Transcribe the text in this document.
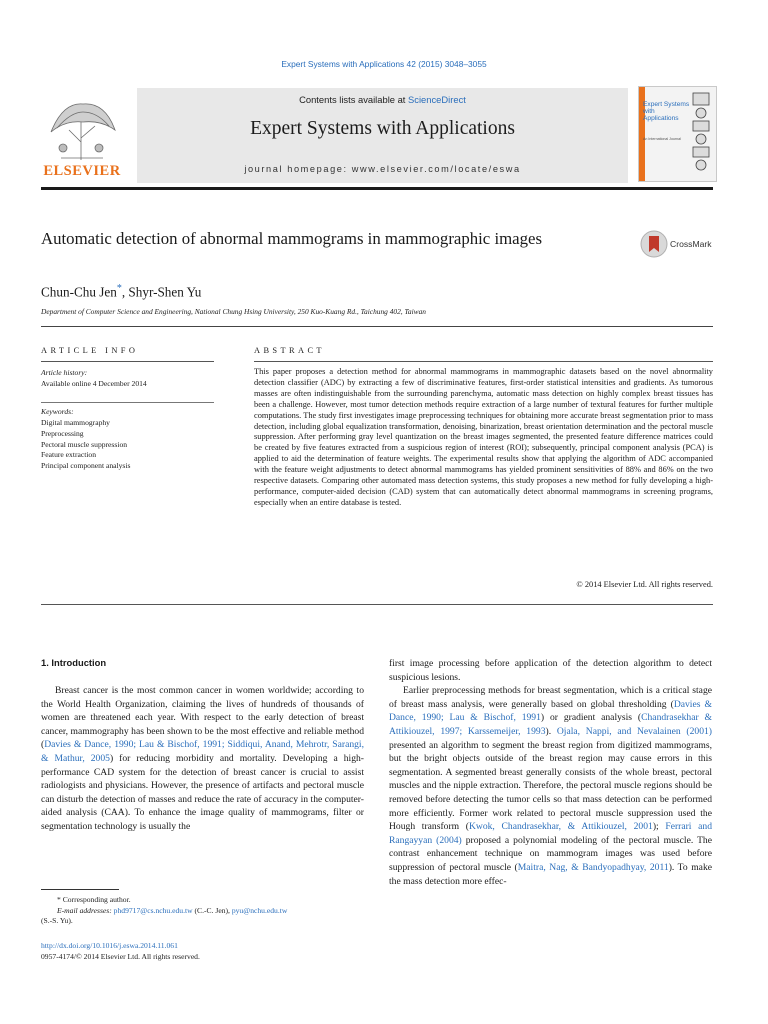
Expert Systems with Applications 42 (2015) 3048–3055
ELSEVIER
Contents lists available at ScienceDirect
Expert Systems with Applications
journal homepage: www.elsevier.com/locate/eswa
Expert Systems with Applications
An International Journal
Automatic detection of abnormal mammograms in mammographic images	CrossMark
Chun-Chu Jen*, Shyr-Shen Yu
Department of Computer Science and Engineering, National Chung Hsing University, 250 Kuo-Kuang Rd., Taichung 402, Taiwan
ARTICLE INFO
Article history:
Available online 4 December 2014
Keywords:
Digital mammography
Preprocessing
Pectoral muscle suppression
Feature extraction
Principal component analysis
ABSTRACT
This paper proposes a detection method for abnormal mammograms in mammographic datasets based on the novel abnormality detection classifier (ADC) by extracting a few of discriminative features, first-order statistical intensities and gradients. As tumorous masses are often indistinguishable from the surrounding parenchyma, automatic mass detection on highly complex breast tissues has been a challenge. However, most tumor detection methods require extraction of a large number of textural features for further multiple computations. The study first investigates image preprocessing techniques for obtaining more accurate breast segmentation prior to mass detection, including global equalization transformation, denoising, binarization, breast orientation determination and the pectoral muscle suppression. After performing gray level quantization on the breast images segmented, the presented feature difference matrices could be created by five features extracted from a suspicious region of interest (ROI); subsequently, principal component analysis (PCA) is applied to aid the determination of feature weights. The experimental results show that applying the algorithm of ADC accompanied with the feature weight adjustments to detect abnormal mammograms has yielded prominent sensitivities of 88% and 86% on the two respective datasets. Comparing other automated mass detection systems, this study proposes a new method for fully developing a high-performance, computer-aided decision (CAD) system that can automatically detect abnormal mammograms in screening programs, especially when an entire database is tested.
© 2014 Elsevier Ltd. All rights reserved.
1. Introduction

Breast cancer is the most common cancer in women worldwide; according to the World Health Organization, claiming the lives of hundreds of thousands of women are threatened each year. With respect to the early detection of breast cancer, mammography has been shown to be the most effective and reliable method (Davies & Dance, 1990; Lau & Bischof, 1991; Siddiqui, Anand, Mehrotr, Sarangi, & Mathur, 2005) for reducing morbidity and mortality. Developing a high-performance CAD system for the detection of breast cancer is crucial to assist radiologists and physicians. However, the presence of artifacts and pectoral muscle can disturb the detection of masses and reduce the rate of accuracy in the computer-aided analysis (CAA). To enhance the image quality of mammograms, filter or segmentation technology is usually the

first image processing before application of the detection algorithm to detect suspicious lesions.

Earlier preprocessing methods for breast segmentation, which is a critical stage of breast mass analysis, were generally based on global thresholding (Davies & Dance, 1990; Lau & Bischof, 1991) or gradient analysis (Chandrasekhar & Attikiouzel, 1997; Karssemeijer, 1993). Ojala, Nappi, and Nevalainen (2001) presented an algorithm to segment the breast region from digitized mammograms, but the bright objects outside of the breast region may cause errors in this segmentation. A segmented breast generally consists of the whole breast, pectoral muscles and the nipple extraction. Therefore, the pectoral muscle regions should be removed before detecting the tumor cells so that mass detection can be performed more efficiently. Former work related to pectoral muscle suppression used the Hough transform (Kwok, Chandrasekhar, & Attikiouzel, 2001); Ferrari and Rangayyan (2004) proposed a polynomial modeling of the pectoral muscle. The contrast enhancement technique on mammogram images was used before suppression of pectoral muscle (Maitra, Nag, & Bandyopadhyay, 2011). To make the mass detection more effec-

* Corresponding author.
E-mail addresses: phd9717@cs.nchu.edu.tw (C.-C. Jen), pyu@nchu.edu.tw
(S.-S. Yu).
http://dx.doi.org/10.1016/j.eswa.2014.11.061
0957-4174/© 2014 Elsevier Ltd. All rights reserved.
